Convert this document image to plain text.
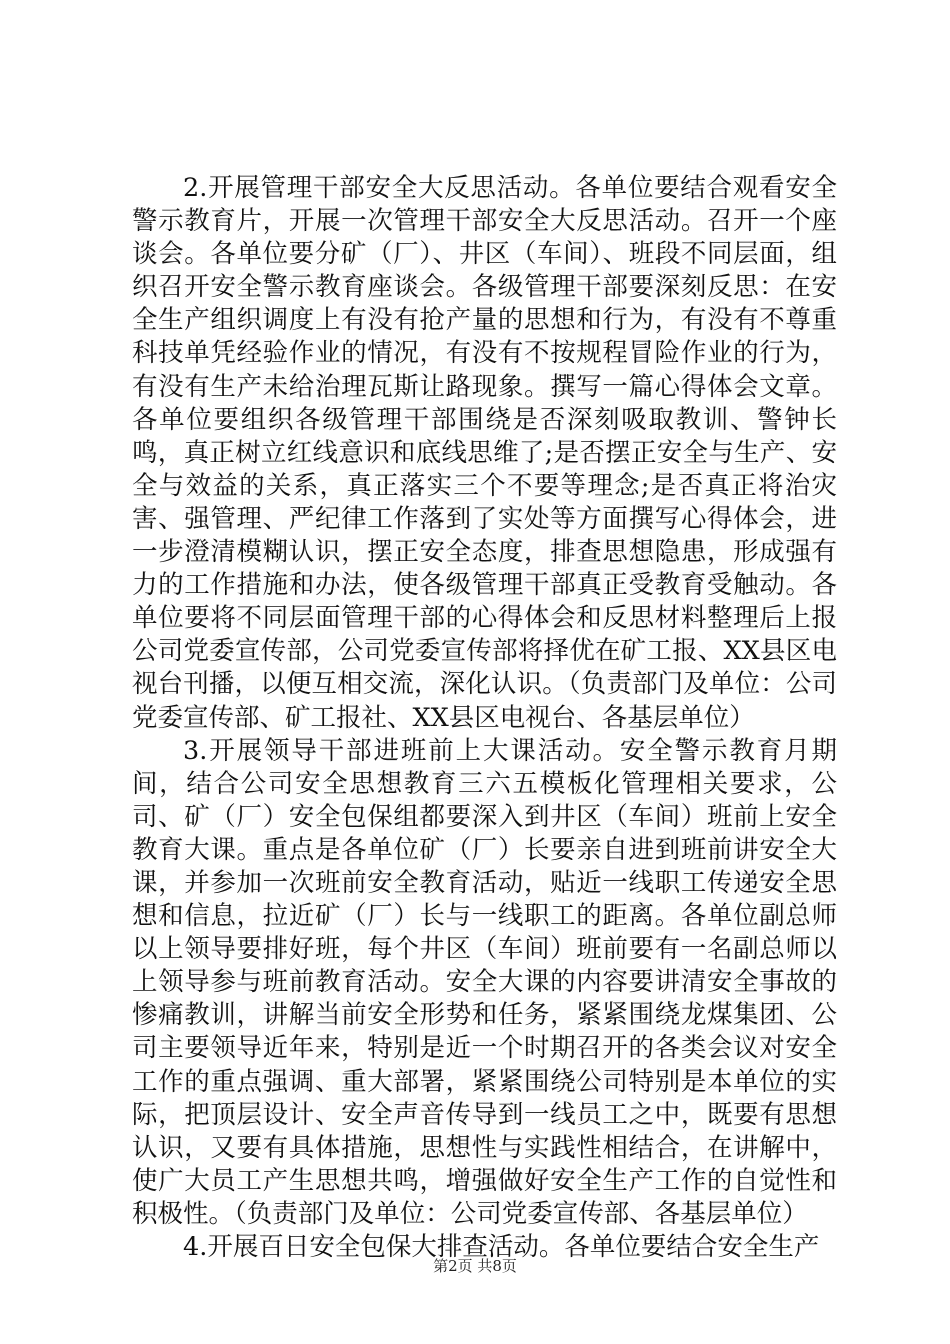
2.开展管理干部安全大反思活动。各单位要结合观看安全警示教育片，开展一次管理干部安全大反思活动。召开一个座谈会。各单位要分矿（厂）、井区（车间）、班段不同层面，组织召开安全警示教育座谈会。各级管理干部要深刻反思：在安全生产组织调度上有没有抢产量的思想和行为，有没有不尊重科技单凭经验作业的情况，有没有不按规程冒险作业的行为，有没有生产未给治理瓦斯让路现象。撰写一篇心得体会文章。各单位要组织各级管理干部围绕是否深刻吸取教训、警钟长鸣，真正树立红线意识和底线思维了;是否摆正安全与生产、安全与效益的关系，真正落实三个不要等理念;是否真正将治灾害、强管理、严纪律工作落到了实处等方面撰写心得体会，进一步澄清模糊认识，摆正安全态度，排查思想隐患，形成强有力的工作措施和办法，使各级管理干部真正受教育受触动。各单位要将不同层面管理干部的心得体会和反思材料整理后上报公司党委宣传部，公司党委宣传部将择优在矿工报、XX县区电视台刊播，以便互相交流，深化认识。（负责部门及单位：公司党委宣传部、矿工报社、XX县区电视台、各基层单位）

3.开展领导干部进班前上大课活动。安全警示教育月期间，结合公司安全思想教育三六五模板化管理相关要求，公司、矿（厂）安全包保组都要深入到井区（车间）班前上安全教育大课。重点是各单位矿（厂）长要亲自进到班前讲安全大课，并参加一次班前安全教育活动，贴近一线职工传递安全思想和信息，拉近矿（厂）长与一线职工的距离。各单位副总师以上领导要排好班，每个井区（车间）班前要有一名副总师以上领导参与班前教育活动。安全大课的内容要讲清安全事故的惨痛教训，讲解当前安全形势和任务，紧紧围绕龙煤集团、公司主要领导近年来，特别是近一个时期召开的各类会议对安全工作的重点强调、重大部署，紧紧围绕公司特别是本单位的实际，把顶层设计、安全声音传导到一线员工之中，既要有思想认识，又要有具体措施，思想性与实践性相结合，在讲解中，使广大员工产生思想共鸣，增强做好安全生产工作的自觉性和积极性。（负责部门及单位：公司党委宣传部、各基层单位）

4.开展百日安全包保大排查活动。各单位要结合安全生产

第2页 共8页
